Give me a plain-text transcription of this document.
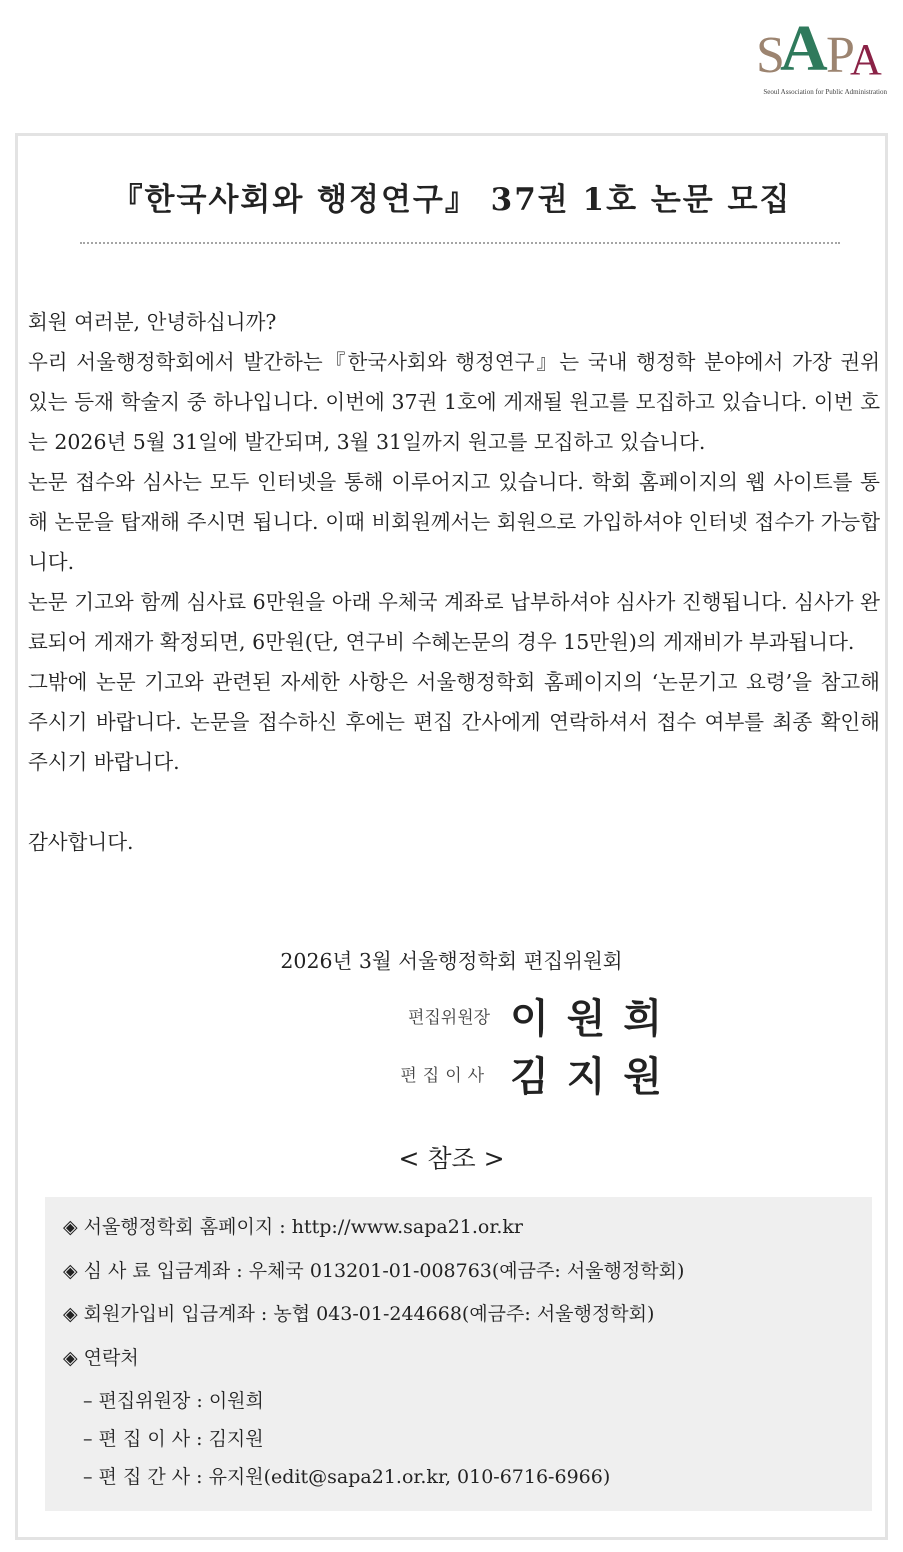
S
A
P
A
Seoul Association for Public Administration
『한국사회와 행정연구』 37권 1호 논문 모집

회원 여러분, 안녕하십니까?

우리 서울행정학회에서 발간하는『한국사회와 행정연구』는 국내 행정학 분야에서 가장 권위 있는 등재 학술지 중 하나입니다. 이번에 37권 1호에 게재될 원고를 모집하고 있습니다. 이번 호는 2026년 5월 31일에 발간되며, 3월 31일까지 원고를 모집하고 있습니다.

논문 접수와 심사는 모두 인터넷을 통해 이루어지고 있습니다. 학회 홈페이지의 웹 사이트를 통해 논문을 탑재해 주시면 됩니다. 이때 비회원께서는 회원으로 가입하셔야 인터넷 접수가 가능합니다.

논문 기고와 함께 심사료 6만원을 아래 우체국 계좌로 납부하셔야 심사가 진행됩니다. 심사가 완료되어 게재가 확정되면, 6만원(단, 연구비 수혜논문의 경우 15만원)의 게재비가 부과됩니다.

그밖에 논문 기고와 관련된 자세한 사항은 서울행정학회 홈페이지의 ‘논문기고 요령’을 참고해 주시기 바랍니다. 논문을 접수하신 후에는 편집 간사에게 연락하셔서 접수 여부를 최종 확인해 주시기 바랍니다.

감사합니다.

2026년 3월 서울행정학회 편집위원회
편집위원장 이원희
편집이사 김지원
< 참조 >
◈ 서울행정학회 홈페이지 : http://www.sapa21.or.kr
◈ 심 사 료 입금계좌 : 우체국 013201-01-008763(예금주: 서울행정학회)
◈ 회원가입비 입금계좌 : 농협 043-01-244668(예금주: 서울행정학회)
◈ 연락처
– 편집위원장 : 이원희
– 편 집 이 사 : 김지원
– 편 집 간 사 : 유지원(edit@sapa21.or.kr, 010-6716-6966)
